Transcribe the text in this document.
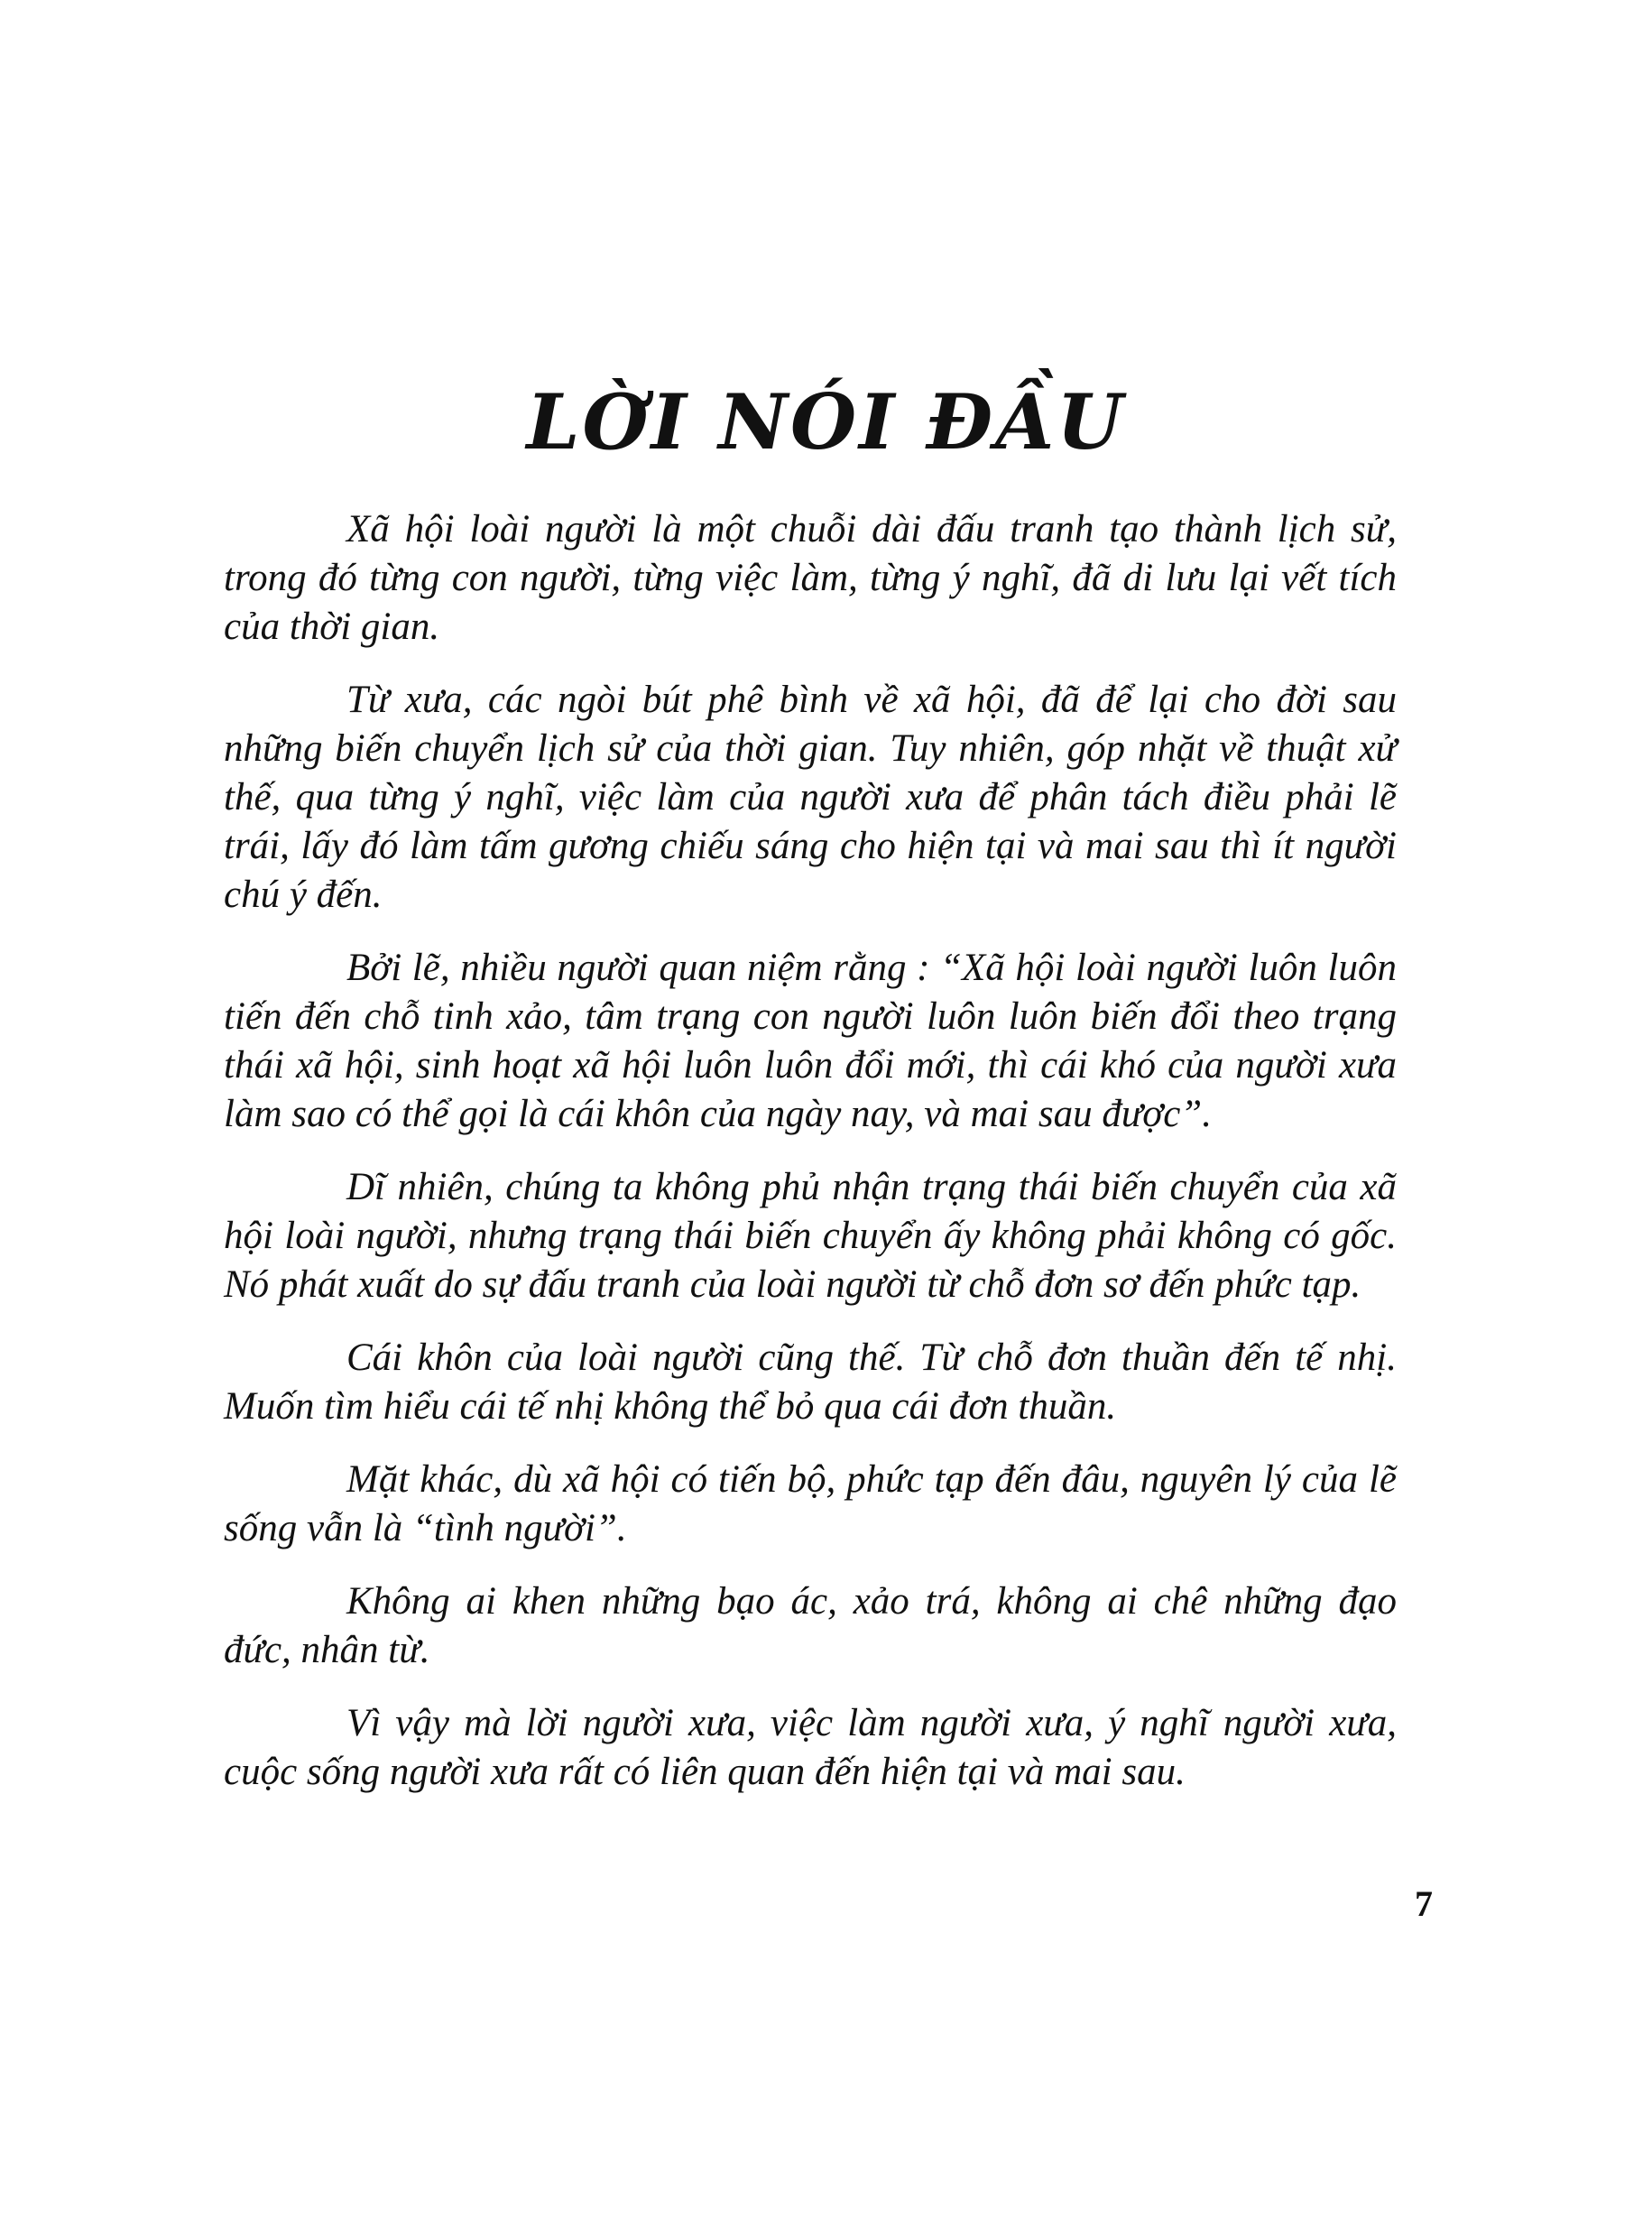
LỜI NÓI ĐẦU

Xã hội loài người là một chuỗi dài đấu tranh tạo thành lịch sử, trong đó từng con người, từng việc làm, từng ý nghĩ, đã di lưu lại vết tích của thời gian.

Từ xưa, các ngòi bút phê bình về xã hội, đã để lại cho đời sau những biến chuyển lịch sử của thời gian. Tuy nhiên, góp nhặt về thuật xử thế, qua từng ý nghĩ, việc làm của người xưa để phân tách điều phải lẽ trái, lấy đó làm tấm gương chiếu sáng cho hiện tại và mai sau thì ít người chú ý đến.

Bởi lẽ, nhiều người quan niệm rằng : “Xã hội loài người luôn luôn tiến đến chỗ tinh xảo, tâm trạng con người luôn luôn biến đổi theo trạng thái xã hội, sinh hoạt xã hội luôn luôn đổi mới, thì cái khó của người xưa làm sao có thể gọi là cái khôn của ngày nay, và mai sau được”.

Dĩ nhiên, chúng ta không phủ nhận trạng thái biến chuyển của xã hội loài người, nhưng trạng thái biến chuyển ấy không phải không có gốc. Nó phát xuất do sự đấu tranh của loài người từ chỗ đơn sơ đến phức tạp.

Cái khôn của loài người cũng thế. Từ chỗ đơn thuần đến tế nhị. Muốn tìm hiểu cái tế nhị không thể bỏ qua cái đơn thuần.

Mặt khác, dù xã hội có tiến bộ, phức tạp đến đâu, nguyên lý của lẽ sống vẫn là “tình người”.

Không ai khen những bạo ác, xảo trá, không ai chê những đạo đức, nhân từ.

Vì vậy mà lời người xưa, việc làm người xưa, ý nghĩ người xưa, cuộc sống người xưa rất có liên quan đến hiện tại và mai sau.

7
